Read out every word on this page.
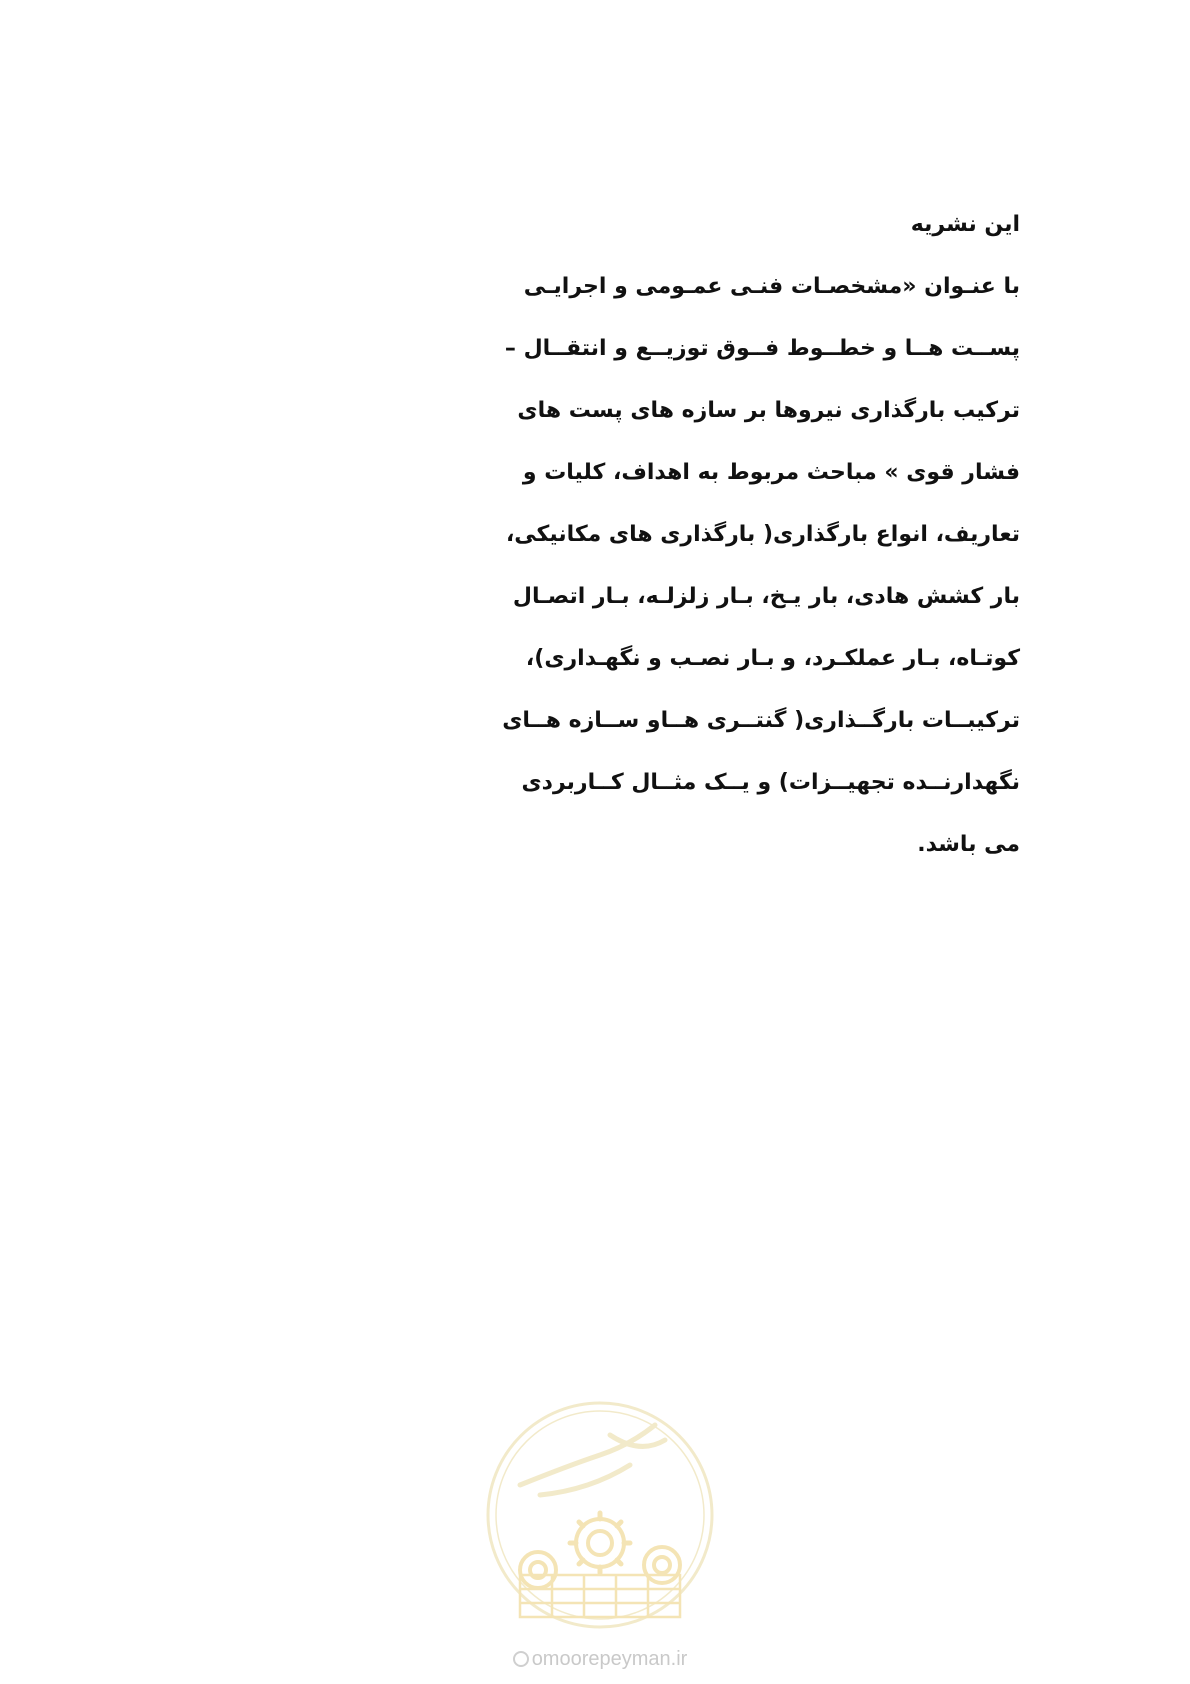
این نشریه
با عنـوان «مشخصـات فنـی عمـومی و اجرایـی
پســت هــا و خطــوط فــوق توزیــع و انتقــال –
ترکیب بارگذاری نیروها بر سازه های پست های
فشار قوی » مباحث مربوط به اهداف، کلیات و
تعاریف، انواع بارگذاری( بارگذاری های مکانیکی،
بار کشش هادی، بار یـخ، بـار زلزلـه، بـار اتصـال
کوتـاه، بـار عملکـرد، و بـار نصـب و نگهـداری)،
ترکیبــات بارگــذاری( گنتــری هــاو ســازه هــای
نگهدارنــده تجهیــزات) و یــک مثــال کــاربردی
می باشد.
omoorepeyman.ir
